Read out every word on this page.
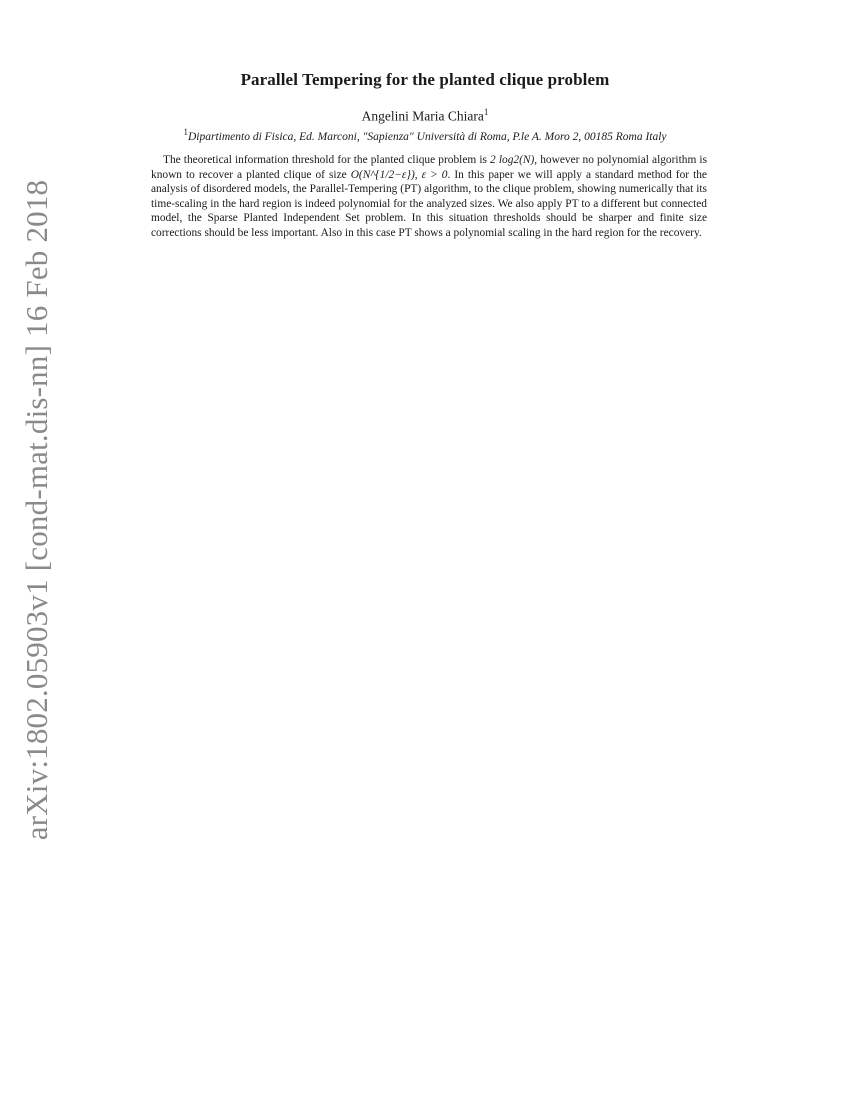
arXiv:1802.05903v1 [cond-mat.dis-nn] 16 Feb 2018
Parallel Tempering for the planted clique problem
Angelini Maria Chiara$^1$
$^1$Dipartimento di Fisica, Ed. Marconi, "Sapienza" Università di Roma, P.le A. Moro 2, 00185 Roma Italy

The theoretical information threshold for the planted clique problem is 2 log2(N), however no polynomial algorithm is known to recover a planted clique of size O(N^{1/2−ε}), ε > 0. In this paper we will apply a standard method for the analysis of disordered models, the Parallel-Tempering (PT) algorithm, to the clique problem, showing numerically that its time-scaling in the hard region is indeed polynomial for the analyzed sizes. We also apply PT to a different but connected model, the Sparse Planted Independent Set problem. In this situation thresholds should be sharper and finite size corrections should be less important. Also in this case PT shows a polynomial scaling in the hard region for the recovery.
